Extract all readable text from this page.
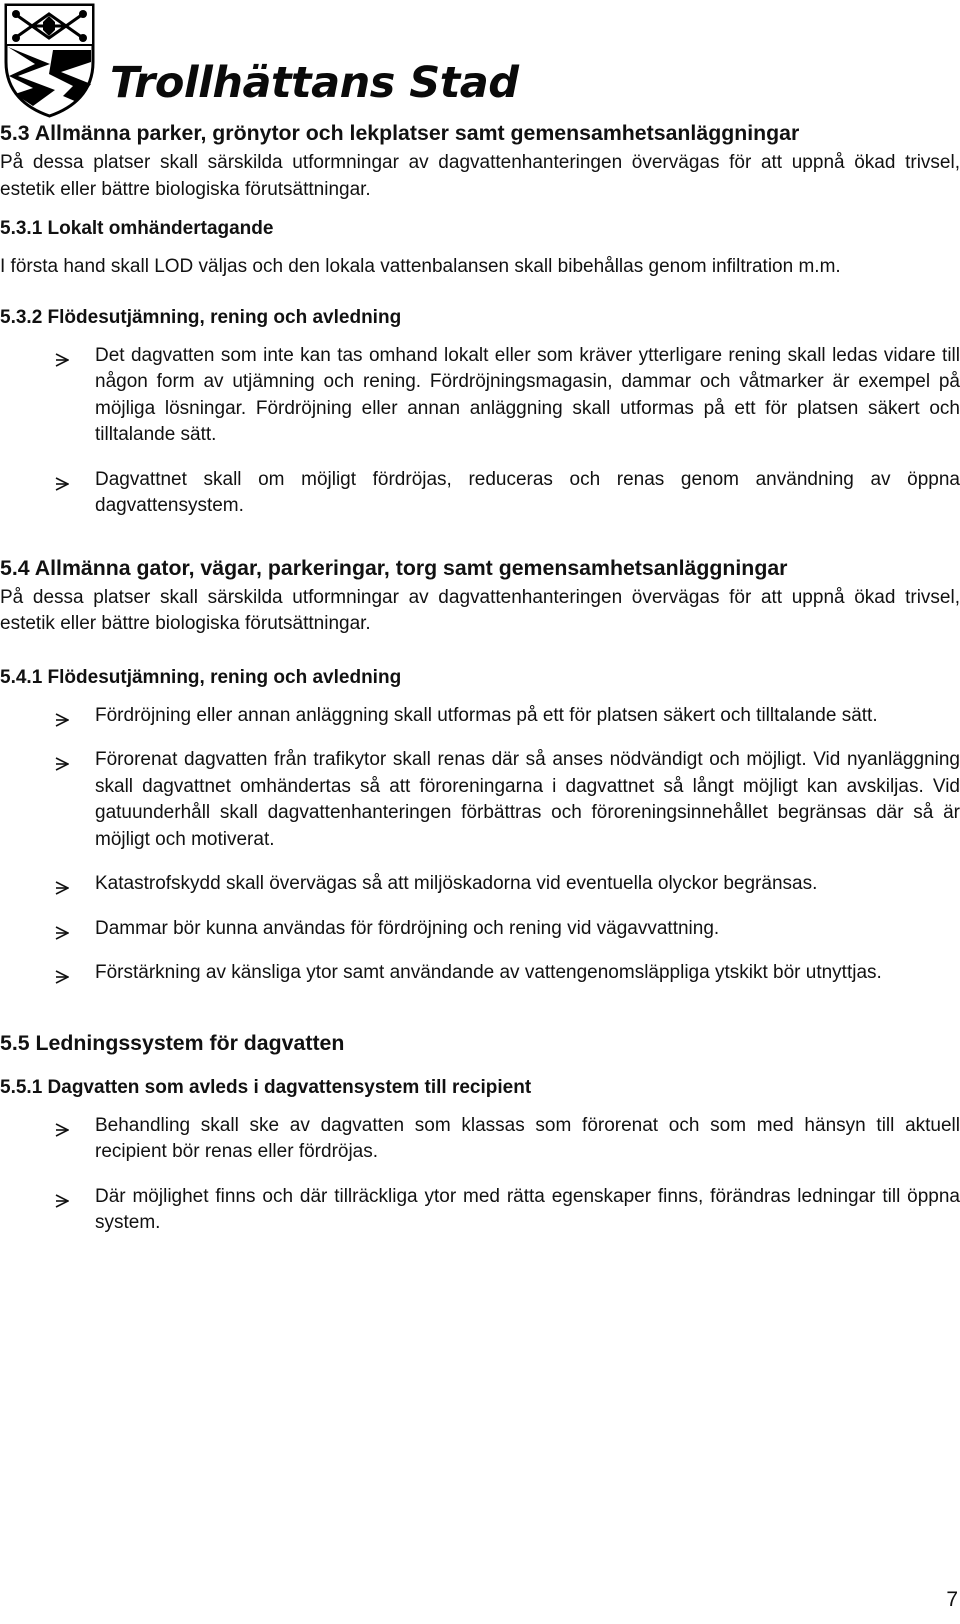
Trollhättans Stad
5.3 Allmänna parker, grönytor och lekplatser samt gemensamhetsanläggningar

På dessa platser skall särskilda utformningar av dagvattenhanteringen övervägas för att uppnå ökad trivsel, estetik eller bättre biologiska förutsättningar.

5.3.1 Lokalt omhändertagande

I första hand skall LOD väljas och den lokala vattenbalansen skall bibehållas genom infiltration m.m.

5.3.2 Flödesutjämning, rening och avledning
Det dagvatten som inte kan tas omhand lokalt eller som kräver ytterligare rening skall ledas vidare till någon form av utjämning och rening. Fördröjningsmagasin, dammar och våtmarker är exempel på möjliga lösningar. Fördröjning eller annan anläggning skall utformas på ett för platsen säkert och tilltalande sätt.
Dagvattnet skall om möjligt fördröjas, reduceras och renas genom användning av öppna dagvattensystem.
5.4 Allmänna gator, vägar, parkeringar, torg samt gemensamhetsanläggningar

På dessa platser skall särskilda utformningar av dagvattenhanteringen övervägas för att uppnå ökad trivsel, estetik eller bättre biologiska förutsättningar.

5.4.1 Flödesutjämning, rening och avledning
Fördröjning eller annan anläggning skall utformas på ett för platsen säkert och tilltalande sätt.
Förorenat dagvatten från trafikytor skall renas där så anses nödvändigt och möjligt. Vid nyanläggning skall dagvattnet omhändertas så att föroreningarna i dagvattnet så långt möjligt kan avskiljas. Vid gatuunderhåll skall dagvattenhanteringen förbättras och föroreningsinnehållet begränsas där så är möjligt och motiverat.
Katastrofskydd skall övervägas så att miljöskadorna vid eventuella olyckor begränsas.
Dammar bör kunna användas för fördröjning och rening vid vägavvattning.
Förstärkning av känsliga ytor samt användande av vattengenomsläppliga ytskikt bör utnyttjas.
5.5 Ledningssystem för dagvatten
5.5.1 Dagvatten som avleds i dagvattensystem till recipient
Behandling skall ske av dagvatten som klassas som förorenat och som med hänsyn till aktuell recipient bör renas eller fördröjas.
Där möjlighet finns och där tillräckliga ytor med rätta egenskaper finns, förändras ledningar till öppna system.
7
